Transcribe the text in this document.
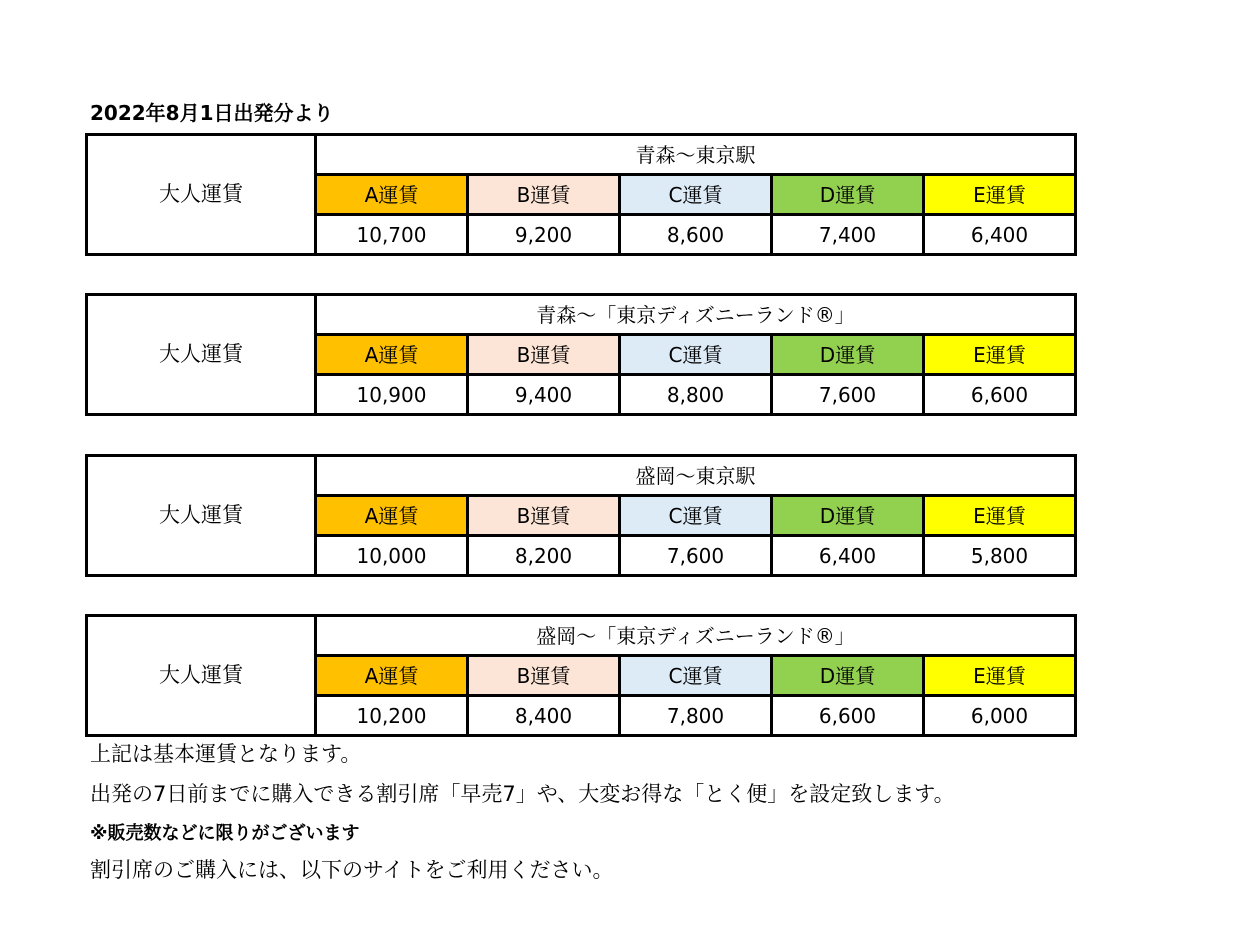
2022年8月1日出発分より
大人運賃	青森～東京駅				
	A運賃	B運賃	C運賃	D運賃	E運賃
	10,700	9,200	8,600	7,400	6,400
大人運賃	青森～「東京ディズニーランド®」				
	A運賃	B運賃	C運賃	D運賃	E運賃
	10,900	9,400	8,800	7,600	6,600
大人運賃	盛岡～東京駅				
	A運賃	B運賃	C運賃	D運賃	E運賃
	10,000	8,200	7,600	6,400	5,800
大人運賃	盛岡～「東京ディズニーランド®」				
	A運賃	B運賃	C運賃	D運賃	E運賃
	10,200	8,400	7,800	6,600	6,000
上記は基本運賃となります。
出発の7日前までに購入できる割引席「早売7」や、大変お得な「とく便」を設定致します。
※販売数などに限りがございます
割引席のご購入には、以下のサイトをご利用ください。
